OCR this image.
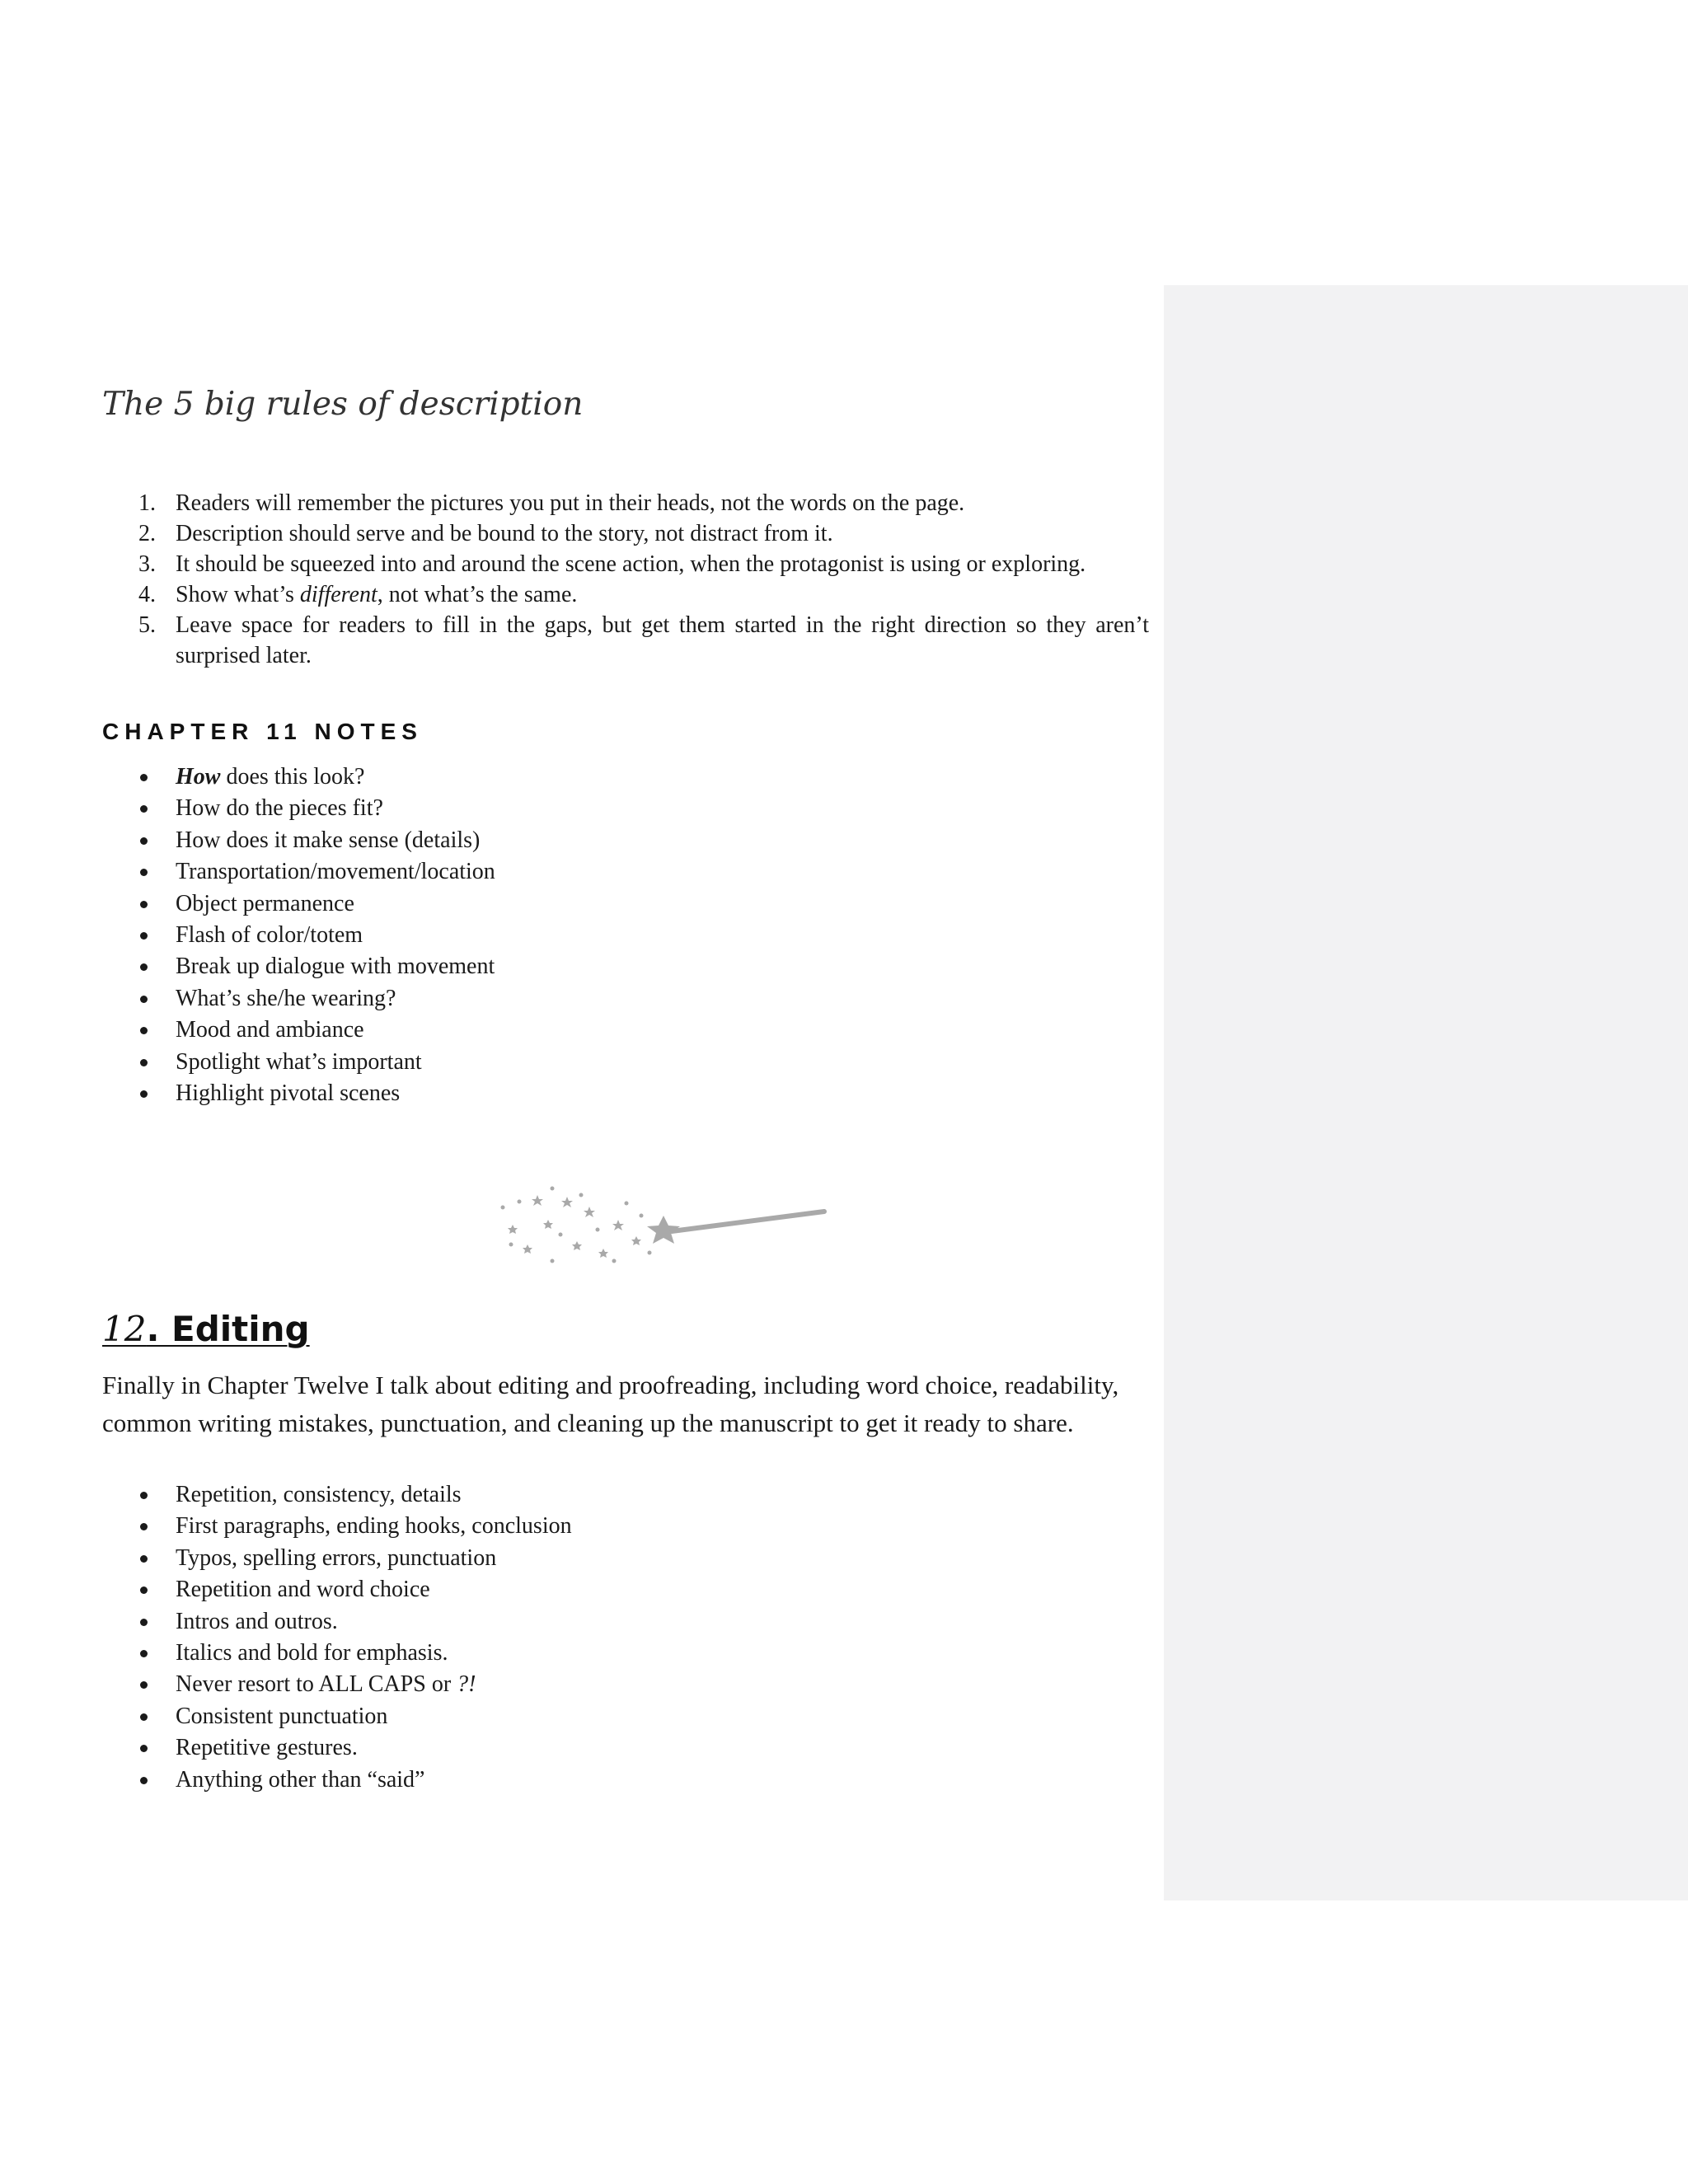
The 5 big rules of description
1. Readers will remember the pictures you put in their heads, not the words on the page.
2. Description should serve and be bound to the story, not distract from it.
3. It should be squeezed into and around the scene action, when the protagonist is using or exploring.
4. Show what’s different, not what’s the same.
5. Leave space for readers to fill in the gaps, but get them started in the right direction so they aren’t surprised later.
CHAPTER 11 NOTES
How does this look?
How do the pieces fit?
How does it make sense (details)
Transportation/movement/location
Object permanence
Flash of color/totem
Break up dialogue with movement
What’s she/he wearing?
Mood and ambiance
Spotlight what’s important
Highlight pivotal scenes
12. Editing

Finally in Chapter Twelve I talk about editing and proofreading, including word choice, readability, common writing mistakes, punctuation, and cleaning up the manuscript to get it ready to share.

Repetition, consistency, details
First paragraphs, ending hooks, conclusion
Typos, spelling errors, punctuation
Repetition and word choice
Intros and outros.
Italics and bold for emphasis.
Never resort to ALL CAPS or ?!
Consistent punctuation
Repetitive gestures.
Anything other than “said”
